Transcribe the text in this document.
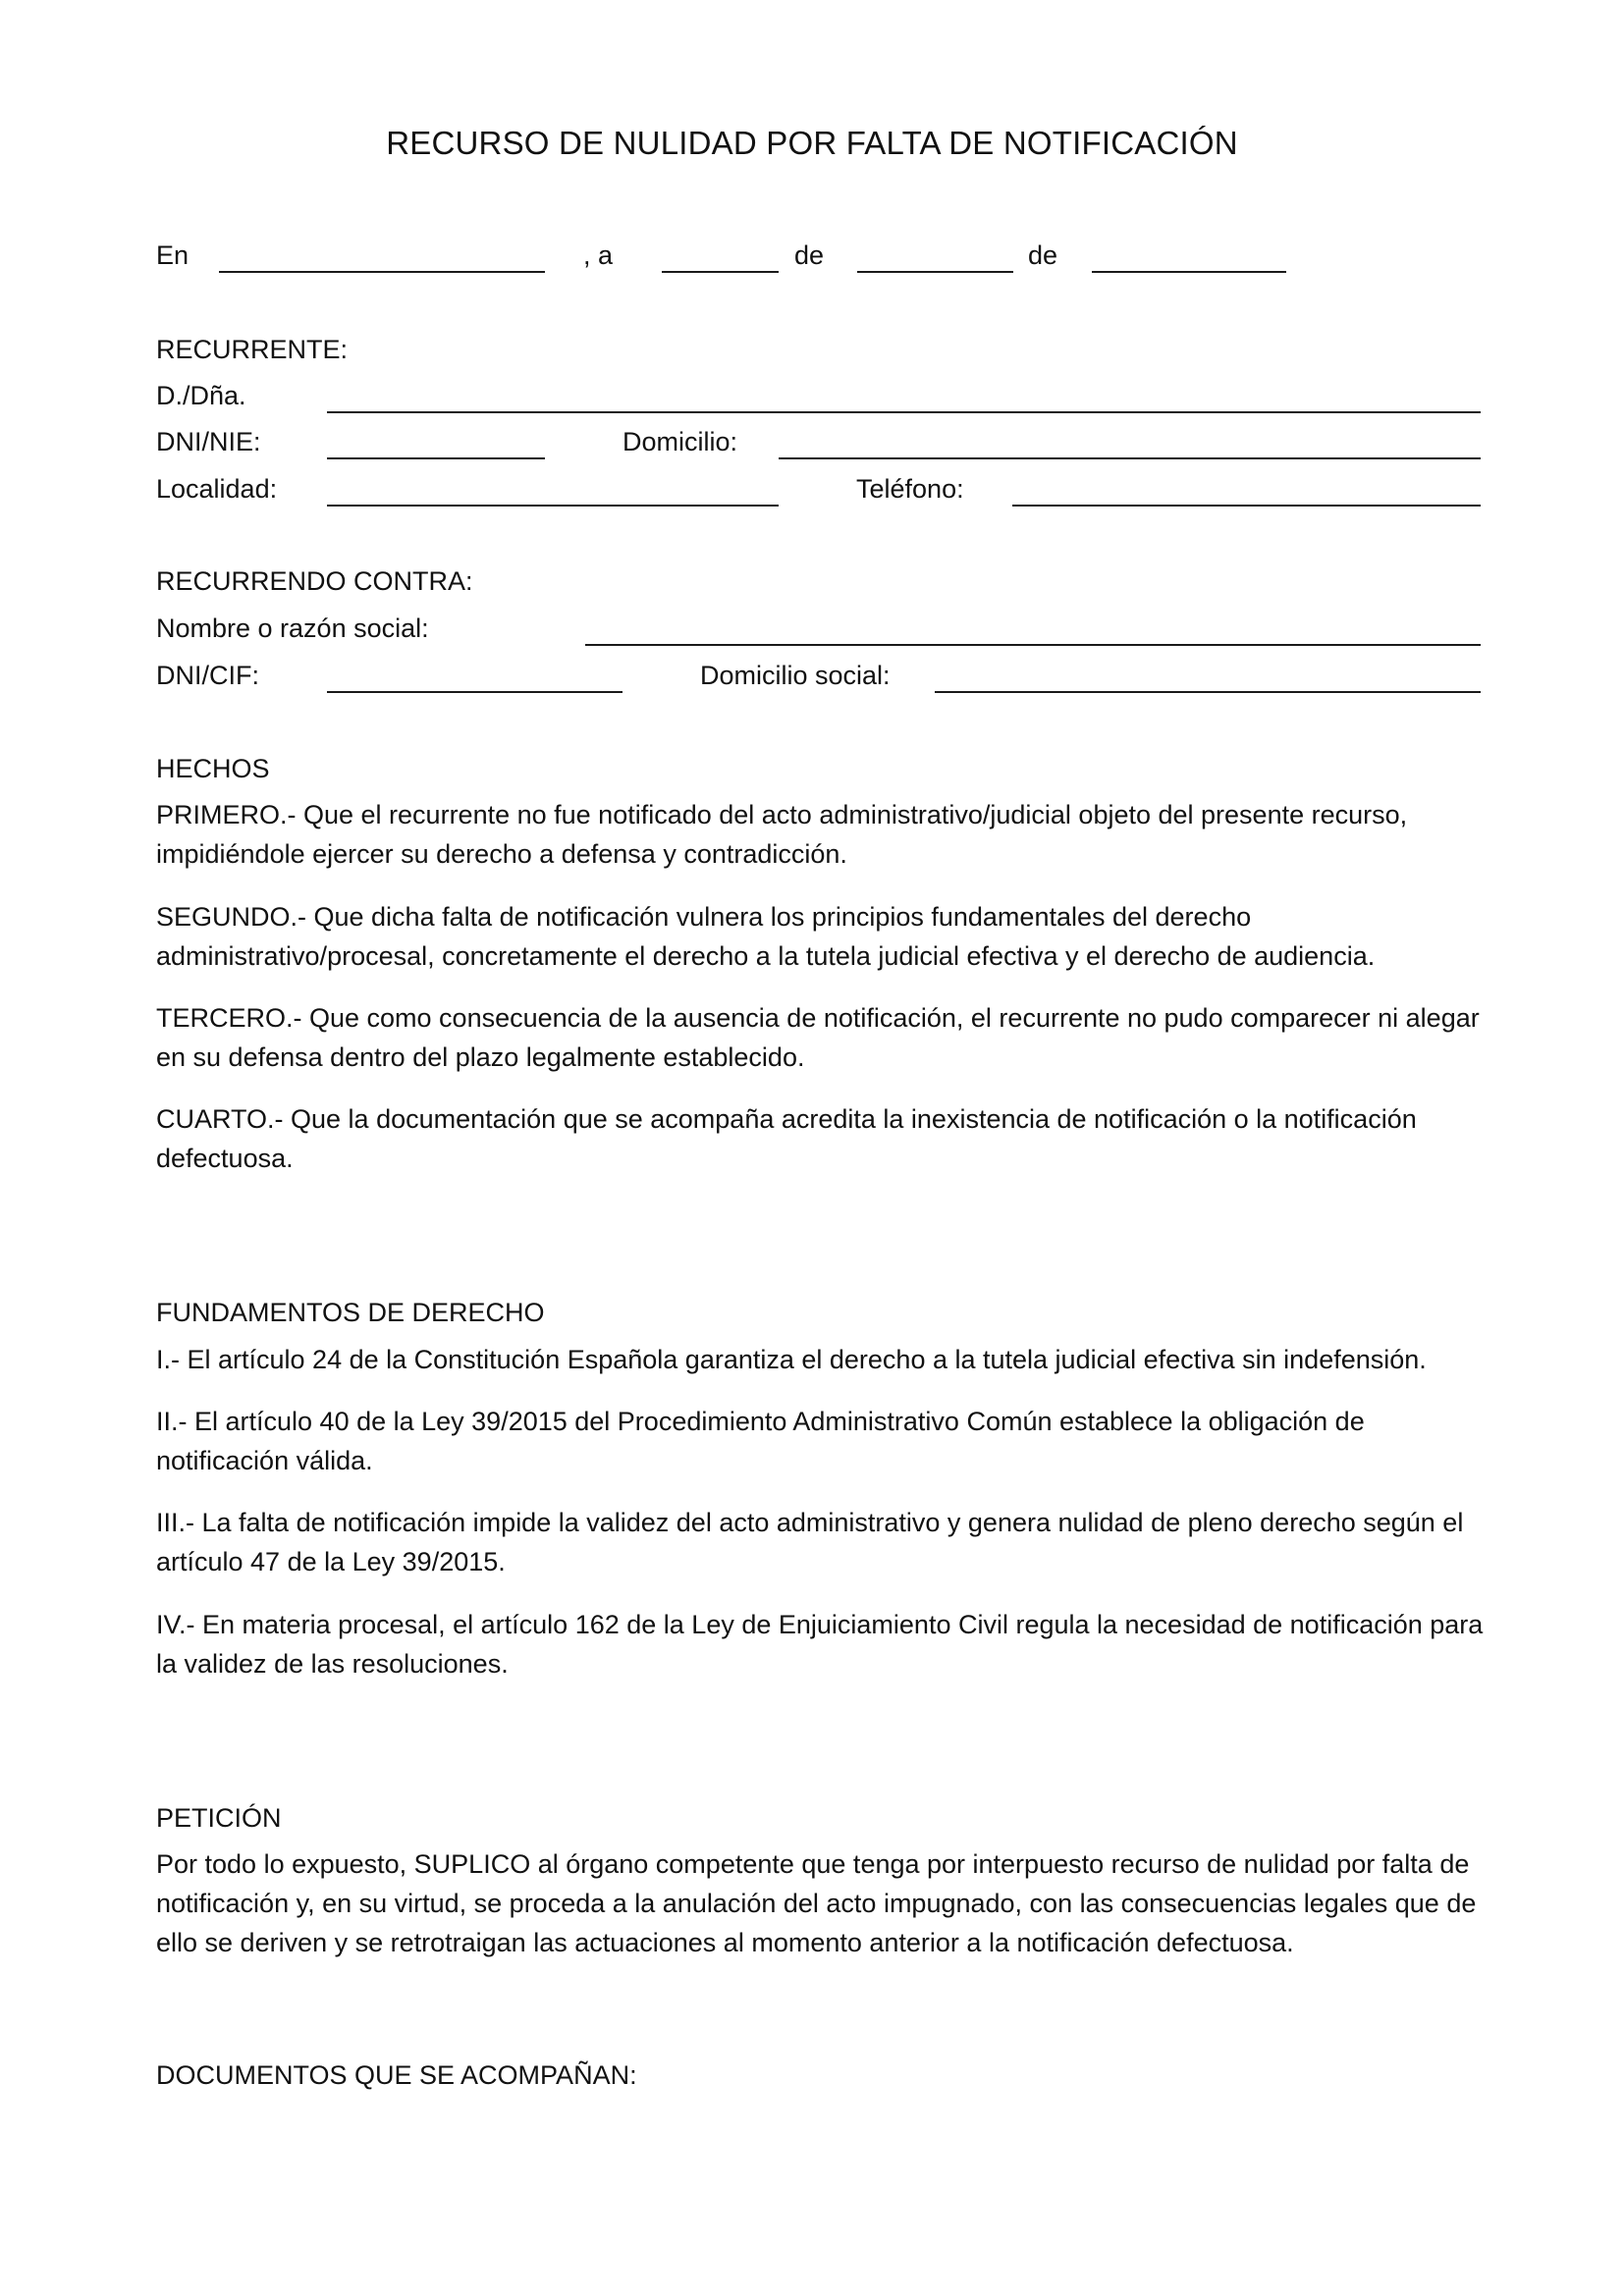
RECURSO DE NULIDAD POR FALTA DE NOTIFICACIÓN
En	, a	de	de
RECURRENTE:
D./Dña.
DNI/NIE:	Domicilio:
Localidad:	Teléfono:
RECURRENDO CONTRA:
Nombre o razón social:
DNI/CIF:	Domicilio social:
HECHOS
PRIMERO.- Que el recurrente no fue notificado del acto administrativo/judicial objeto del presente recurso, impidiéndole ejercer su derecho a defensa y contradicción.
SEGUNDO.- Que dicha falta de notificación vulnera los principios fundamentales del derecho administrativo/procesal, concretamente el derecho a la tutela judicial efectiva y el derecho de audiencia.
TERCERO.- Que como consecuencia de la ausencia de notificación, el recurrente no pudo comparecer ni alegar en su defensa dentro del plazo legalmente establecido.
CUARTO.- Que la documentación que se acompaña acredita la inexistencia de notificación o la notificación defectuosa.
FUNDAMENTOS DE DERECHO
I.- El artículo 24 de la Constitución Española garantiza el derecho a la tutela judicial efectiva sin indefensión.
II.- El artículo 40 de la Ley 39/2015 del Procedimiento Administrativo Común establece la obligación de notificación válida.
III.- La falta de notificación impide la validez del acto administrativo y genera nulidad de pleno derecho según el artículo 47 de la Ley 39/2015.
IV.- En materia procesal, el artículo 162 de la Ley de Enjuiciamiento Civil regula la necesidad de notificación para la validez de las resoluciones.
PETICIÓN
Por todo lo expuesto, SUPLICO al órgano competente que tenga por interpuesto recurso de nulidad por falta de notificación y, en su virtud, se proceda a la anulación del acto impugnado, con las consecuencias legales que de ello se deriven y se retrotraigan las actuaciones al momento anterior a la notificación defectuosa.
DOCUMENTOS QUE SE ACOMPAÑAN:
